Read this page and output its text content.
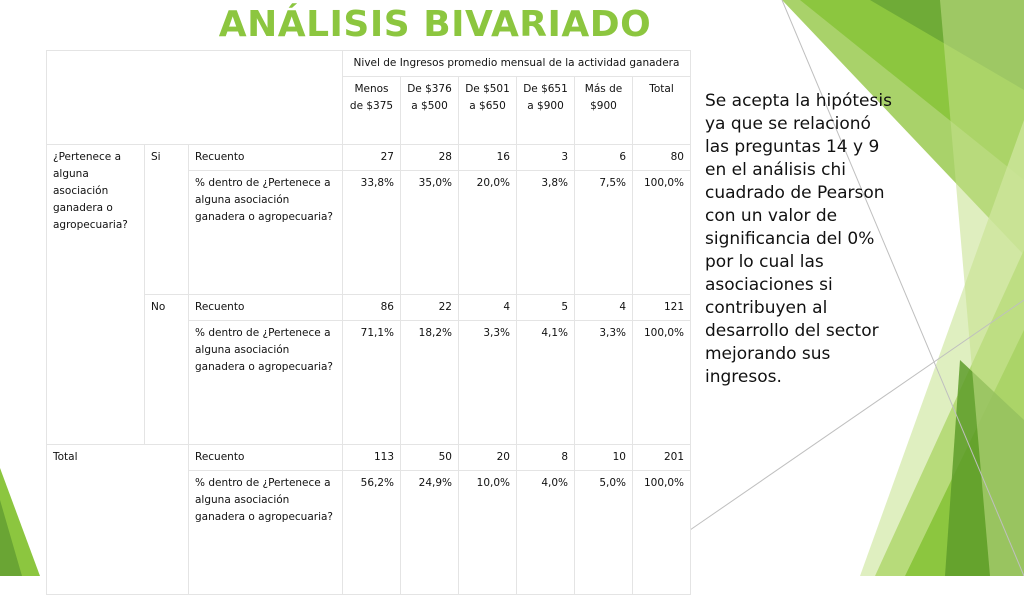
ANÁLISIS BIVARIADO
			Nivel de Ingresos promedio mensual de la actividad ganadera					
			Menos de $375	De $376 a $500	De $501 a $650	De $651 a $900	Más de $900	Total
¿Pertenece a alguna asociación ganadera o agropecuaria?	Si	Recuento	27	28	16	3	6	80
		% dentro de ¿Pertenece a alguna asociación ganadera o agropecuaria?	33,8%	35,0%	20,0%	3,8%	7,5%	100,0%
	No	Recuento	86	22	4	5	4	121
		% dentro de ¿Pertenece a alguna asociación ganadera o agropecuaria?	71,1%	18,2%	3,3%	4,1%	3,3%	100,0%
Total		Recuento	113	50	20	8	10	201
		% dentro de ¿Pertenece a alguna asociación ganadera o agropecuaria?	56,2%	24,9%	10,0%	4,0%	5,0%	100,0%
Se acepta la hipótesis ya que se relacionó las preguntas 14 y 9 en el análisis chi cuadrado de Pearson con un valor de significancia del 0% por lo cual las asociaciones si contribuyen al desarrollo del sector mejorando sus ingresos.
